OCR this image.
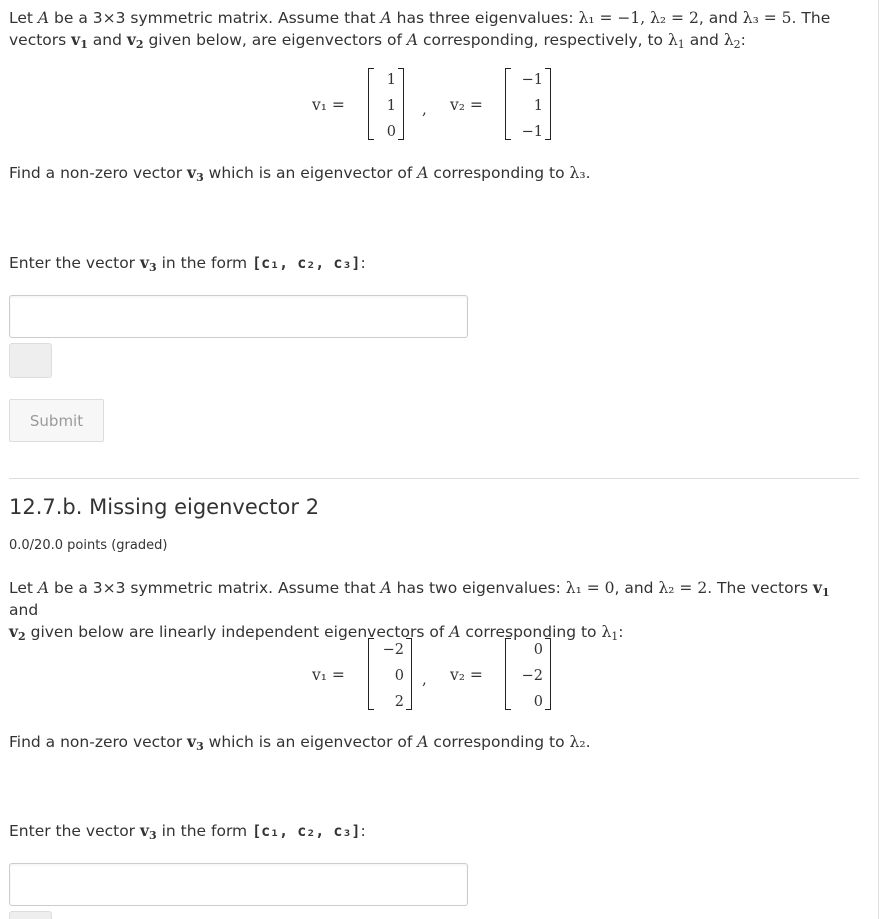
Let A be a 3×3 symmetric matrix. Assume that A has three eigenvalues: λ₁ = −1, λ₂ = 2, and λ₃ = 5. The
vectors $v_1$ and $v_2$ given below, are eigenvectors of A corresponding, respectively, to $\lambda_1$ and $\lambda_2$:
v₁ =
1
1
0
, v₂ =
−1
1
−1
Find a non-zero vector $v_3$ which is an eigenvector of A corresponding to λ₃.
Enter the vector $v_3$ in the form [c₁, c₂, c₃]:
Submit
12.7.b. Missing eigenvector 2
0.0/20.0 points (graded)
Let A be a 3×3 symmetric matrix. Assume that A has two eigenvalues: λ₁ = 0, and λ₂ = 2. The vectors $v_1$ and
$v_2$ given below are linearly independent eigenvectors of A corresponding to $\lambda_1$:
v₁ =
−2
0
2
, v₂ =
0
−2
0
Find a non-zero vector $v_3$ which is an eigenvector of A corresponding to λ₂.
Enter the vector $v_3$ in the form [c₁, c₂, c₃]:
